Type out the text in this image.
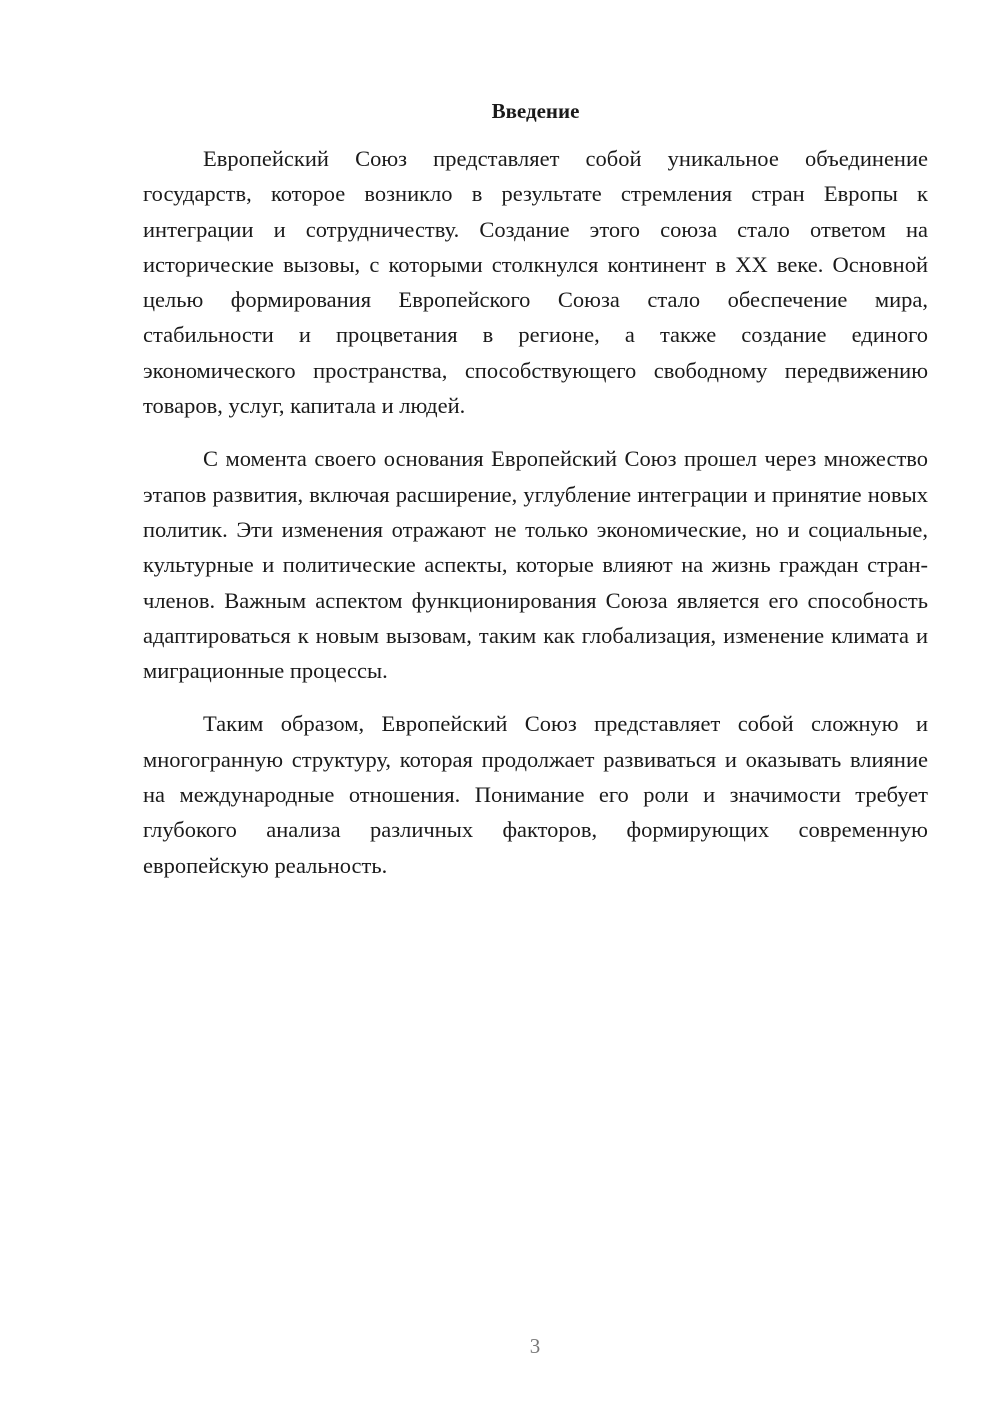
Введение

Европейский Союз представляет собой уникальное объединение государств, которое возникло в результате стремления стран Европы к интеграции и сотрудничеству. Создание этого союза стало ответом на исторические вызовы, с которыми столкнулся континент в XX веке. Основной целью формирования Европейского Союза стало обеспечение мира, стабильности и процветания в регионе, а также создание единого экономического пространства, способствующего свободному передвижению товаров, услуг, капитала и людей.

С момента своего основания Европейский Союз прошел через множество этапов развития, включая расширение, углубление интеграции и принятие новых политик. Эти изменения отражают не только экономические, но и социальные, культурные и политические аспекты, которые влияют на жизнь граждан стран-членов. Важным аспектом функционирования Союза является его способность адаптироваться к новым вызовам, таким как глобализация, изменение климата и миграционные процессы.

Таким образом, Европейский Союз представляет собой сложную и многогранную структуру, которая продолжает развиваться и оказывать влияние на международные отношения. Понимание его роли и значимости требует глубокого анализа различных факторов, формирующих современную европейскую реальность.

3
